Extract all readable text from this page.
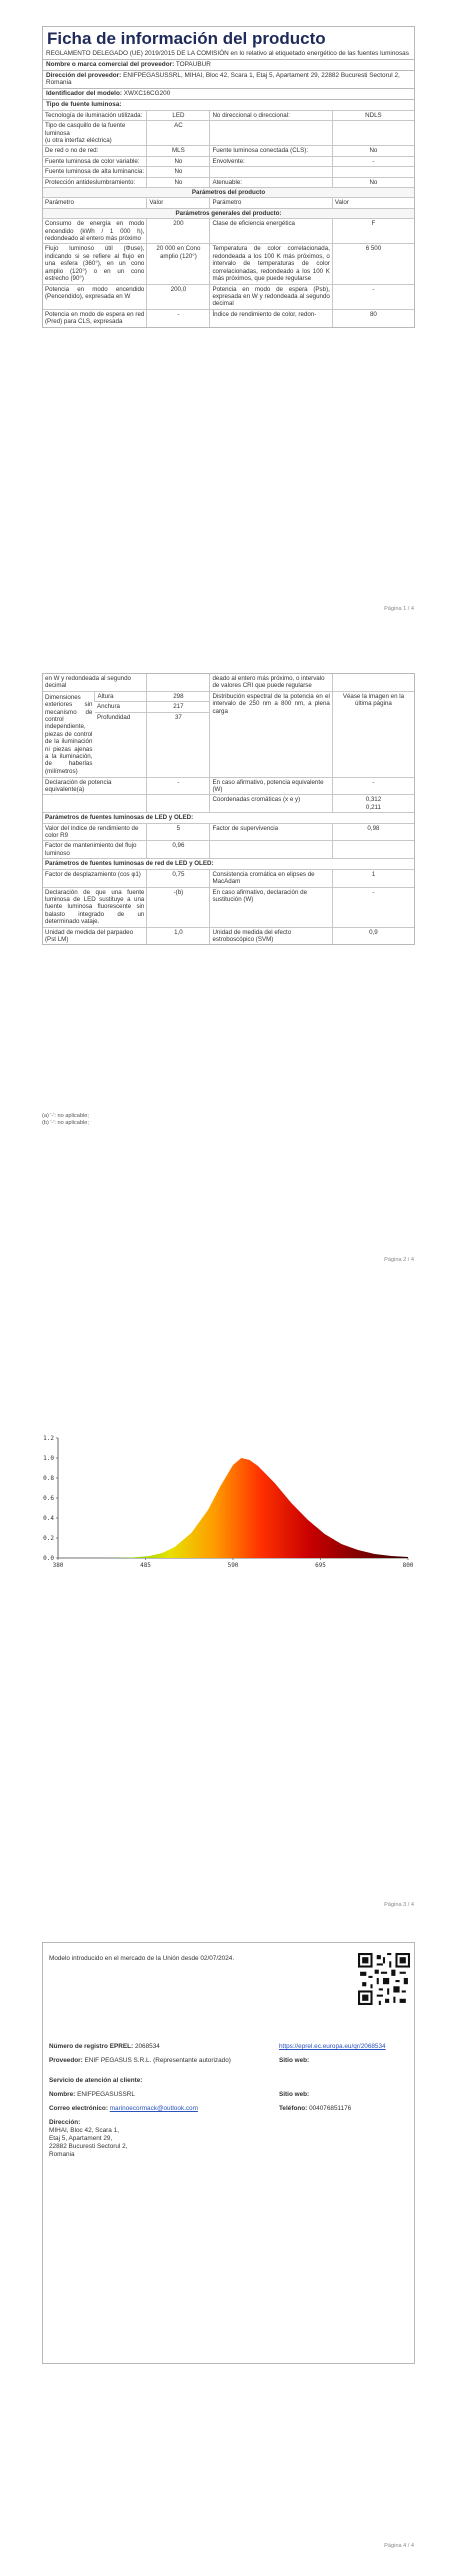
Ficha de información del producto
REGLAMENTO DELEGADO (UE) 2019/2015 DE LA COMISIÓN en lo relativo al etiquetado energético de las fuentes luminosas
Nombre o marca comercial del proveedor: TOPAUBUR
Dirección del proveedor: ENIFPEGASUSSRL, MIHAI, Bloc 42, Scara 1, Etaj 5, Apartament 29, 22882 Bucuresti Sectorul 2, Romania
Identificador del modelo: XWXC16CG200
Tipo de fuente luminosa:
Tecnología de iluminación utilizada:	LED	No direccional o direccional:	NDLS
Tipo de casquillo de la fuente luminosa
(u otra interfaz eléctrica)	AC		
De red o no de red:	MLS	Fuente luminosa conectada (CLS):	No
Fuente luminosa de color variable:	No	Envolvente:	-
Fuente luminosa de alta luminancia:	No		
Protección antideslumbramiento:	No	Atenuable:	No
Parámetros del producto			
Parámetro	Valor	Parámetro	Valor
Parámetros generales del producto:			
Consumo de energía en modo encendido (kWh / 1 000 h), redondeado al entero más próximo	200	Clase de eficiencia energética	F
Flujo luminoso útil (Φuse), indicando si se refiere al flujo en una esfera (360°), en un cono amplio (120°) o en un cono estrecho (90°)	20 000 en Cono amplio (120°)	Temperatura de color correlacionada, redondeada a los 100 K más próximos, o intervalo de temperaturas de color correlacionadas, redondeado a los 100 K más próximos, que puede regularse	6 500
Potencia en modo encendido (Pencendido), expresada en W	200,0	Potencia en modo de espera (Psb), expresada en W y redondeada al segundo decimal	-
Potencia en modo de espera en red (Pred) para CLS, expresada	-	Índice de rendimiento de color, redon-	80
Página 1 / 4
en W y redondeada al segundo decimal			deado al entero más próximo, o intervalo de valores CRI que puede regularse	
Dimensiones exteriores sin mecanismo de control independiente, piezas de control de la iluminación ni piezas ajenas a la iluminación, de haberlas (milímetros)	Altura	298	Distribución espectral de la potencia en el intervalo de 250 nm a 800 nm, a plena carga	Véase la imagen en la última página
	Anchura	217		
	Profundidad	37		
Declaración de potencia equivalente(a)		-	En caso afirmativo, potencia equivalente (W)	-
			Coordenadas cromáticas (x e y)	0,312
0,211
Parámetros de fuentes luminosas de LED y OLED:				
Valor del índice de rendimiento de color R9		5	Factor de supervivencia	0,98
Factor de mantenimiento del flujo luminoso		0,96		
Parámetros de fuentes luminosas de red de LED y OLED:				
Factor de desplazamiento (cos φ1)		0,75	Consistencia cromática en elipses de MacAdam	1
Declaración de que una fuente luminosa de LED sustituye a una fuente luminosa fluorescente sin balasto integrado de un determinado vataje.		-(b)	En caso afirmativo, declaración de sustitución (W)	-
Unidad de medida del parpadeo (Pst LM)		1,0	Unidad de medida del efecto estroboscópico (SVM)	0,9
(a) '-': no aplicable;
(b) '-': no aplicable;
Página 2 / 4
0.0
0.2
0.4
0.6
0.8
1.0
1.2
380	485	590	695	800
Página 3 / 4
Modelo introducido en el mercado de la Unión desde 02/07/2024.
Número de registro EPREL: 2068534	https://eprel.ec.europa.eu/qr/2068534
Proveedor: ENIF PEGASUS S.R.L. (Representante autorizado)	Sitio web:
Servicio de atención al cliente:
Nombre: ENIFPEGASUSSRL	Sitio web:
Correo electrónico: marinoecormack@outlook.com	Teléfono: 004076851176
Dirección:
MIHAI, Bloc 42, Scara 1,
Etaj 5, Apartament 29,
22882 Bucuresti Sectorul 2,
Romania
Página 4 / 4
